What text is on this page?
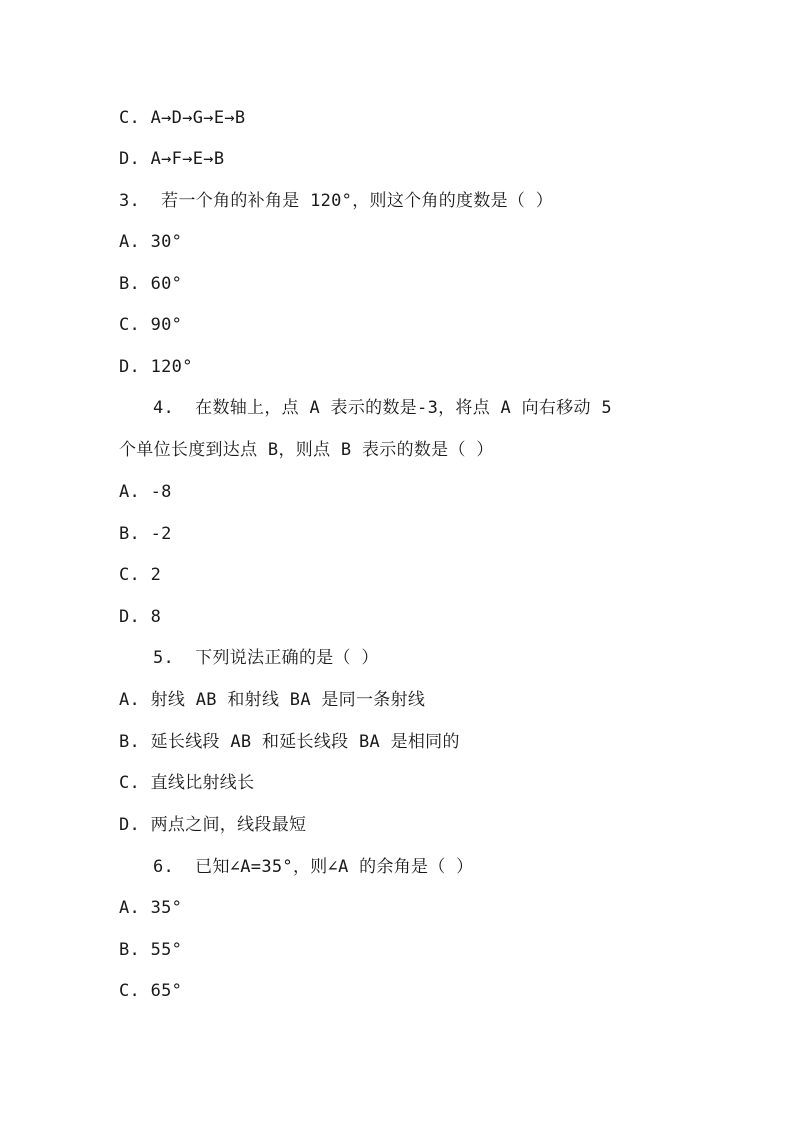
C. A→D→G→E→B
D. A→F→E→B
3.  若一个角的补角是 120°，则这个角的度数是（ ）
A. 30°
B. 60°
C. 90°
D. 120°
4.  在数轴上，点 A 表示的数是-3，将点 A 向右移动 5
个单位长度到达点 B，则点 B 表示的数是（ ）
A. -8
B. -2
C. 2
D. 8
5.  下列说法正确的是（ ）
A. 射线 AB 和射线 BA 是同一条射线
B. 延长线段 AB 和延长线段 BA 是相同的
C. 直线比射线长
D. 两点之间，线段最短
6.  已知∠A=35°，则∠A 的余角是（ ）
A. 35°
B. 55°
C. 65°
